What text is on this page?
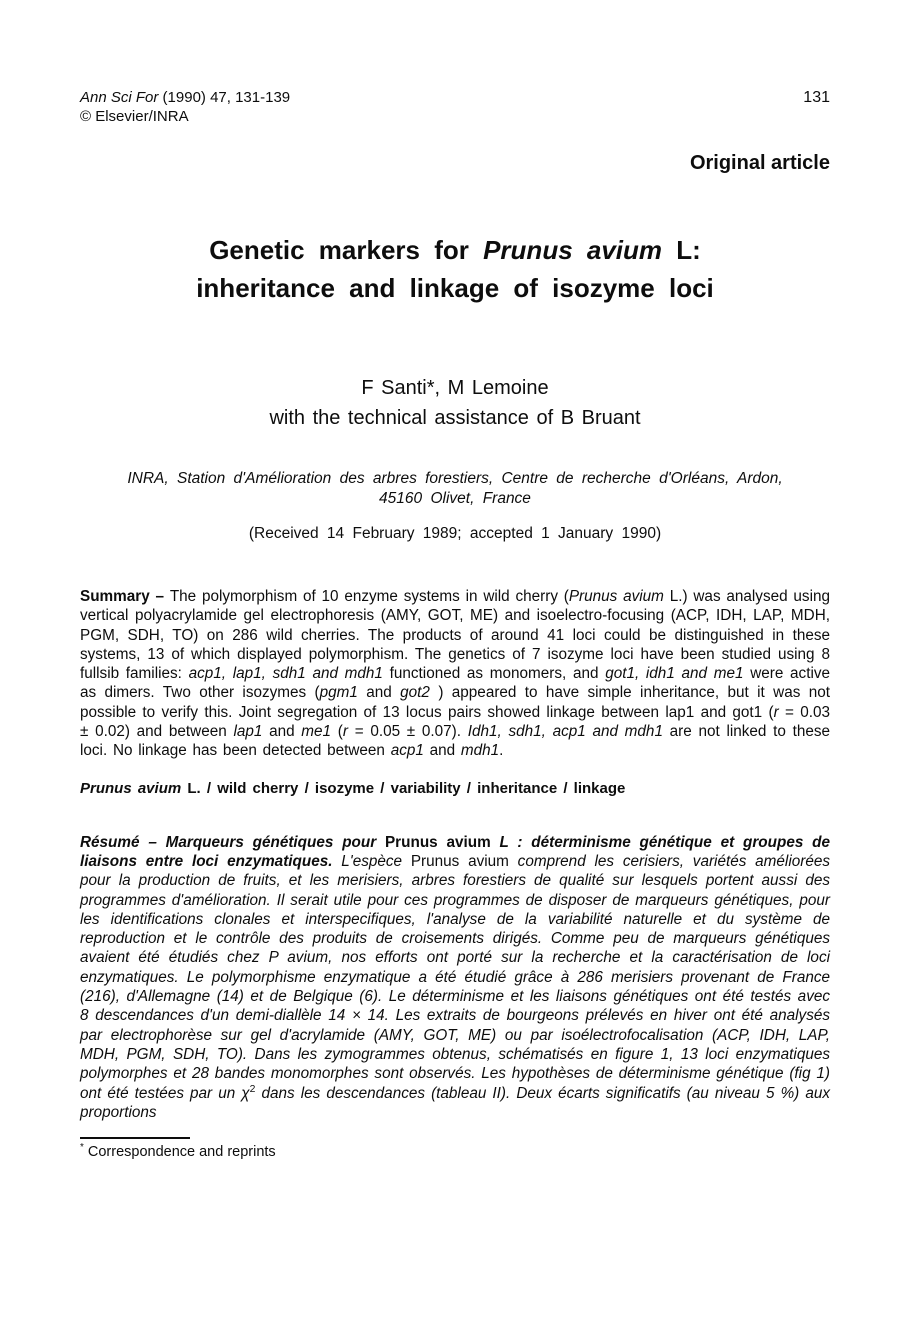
Ann Sci For (1990) 47, 131-139
© Elsevier/INRA
131
Original article
Genetic markers for Prunus avium L:
inheritance and linkage of isozyme loci
F Santi*, M Lemoine
with the technical assistance of B Bruant
INRA, Station d'Amélioration des arbres forestiers, Centre de recherche d'Orléans, Ardon,
45160 Olivet, France
(Received 14 February 1989; accepted 1 January 1990)

Summary – The polymorphism of 10 enzyme systems in wild cherry (Prunus avium L.) was analysed using vertical polyacrylamide gel electrophoresis (AMY, GOT, ME) and isoelectro-focusing (ACP, IDH, LAP, MDH, PGM, SDH, TO) on 286 wild cherries. The products of around 41 loci could be distinguished in these systems, 13 of which displayed polymorphism. The genetics of 7 isozyme loci have been studied using 8 fullsib families: acp1, lap1, sdh1 and mdh1 functioned as monomers, and got1, idh1 and me1 were active as dimers. Two other isozymes (pgm1 and got2 ) appeared to have simple inheritance, but it was not possible to verify this. Joint segregation of 13 locus pairs showed linkage between lap1 and got1 (r = 0.03 ± 0.02) and between lap1 and me1 (r = 0.05 ± 0.07). Idh1, sdh1, acp1 and mdh1 are not linked to these loci. No linkage has been detected between acp1 and mdh1.

Prunus avium L. / wild cherry / isozyme / variability / inheritance / linkage

Résumé – Marqueurs génétiques pour Prunus avium L : déterminisme génétique et groupes de liaisons entre loci enzymatiques. L'espèce Prunus avium comprend les cerisiers, variétés améliorées pour la production de fruits, et les merisiers, arbres forestiers de qualité sur lesquels portent aussi des programmes d'amélioration. Il serait utile pour ces programmes de disposer de marqueurs génétiques, pour les identifications clonales et interspecifiques, l'analyse de la variabilité naturelle et du système de reproduction et le contrôle des produits de croisements dirigés. Comme peu de marqueurs génétiques avaient été étudiés chez P avium, nos efforts ont porté sur la recherche et la caractérisation de loci enzymatiques. Le polymorphisme enzymatique a été étudié grâce à 286 merisiers provenant de France (216), d'Allemagne (14) et de Belgique (6). Le déterminisme et les liaisons génétiques ont été testés avec 8 descendances d'un demi-diallèle 14 × 14. Les extraits de bourgeons prélevés en hiver ont été analysés par electrophorèse sur gel d'acrylamide (AMY, GOT, ME) ou par isoélectrofocalisation (ACP, IDH, LAP, MDH, PGM, SDH, TO). Dans les zymogrammes obtenus, schématisés en figure 1, 13 loci enzymatiques polymorphes et 28 bandes monomorphes sont observés. Les hypothèses de déterminisme génétique (fig 1) ont été testées par un $\chi^2$ dans les descendances (tableau II). Deux écarts significatifs (au niveau 5 %) aux proportions

* Correspondence and reprints
